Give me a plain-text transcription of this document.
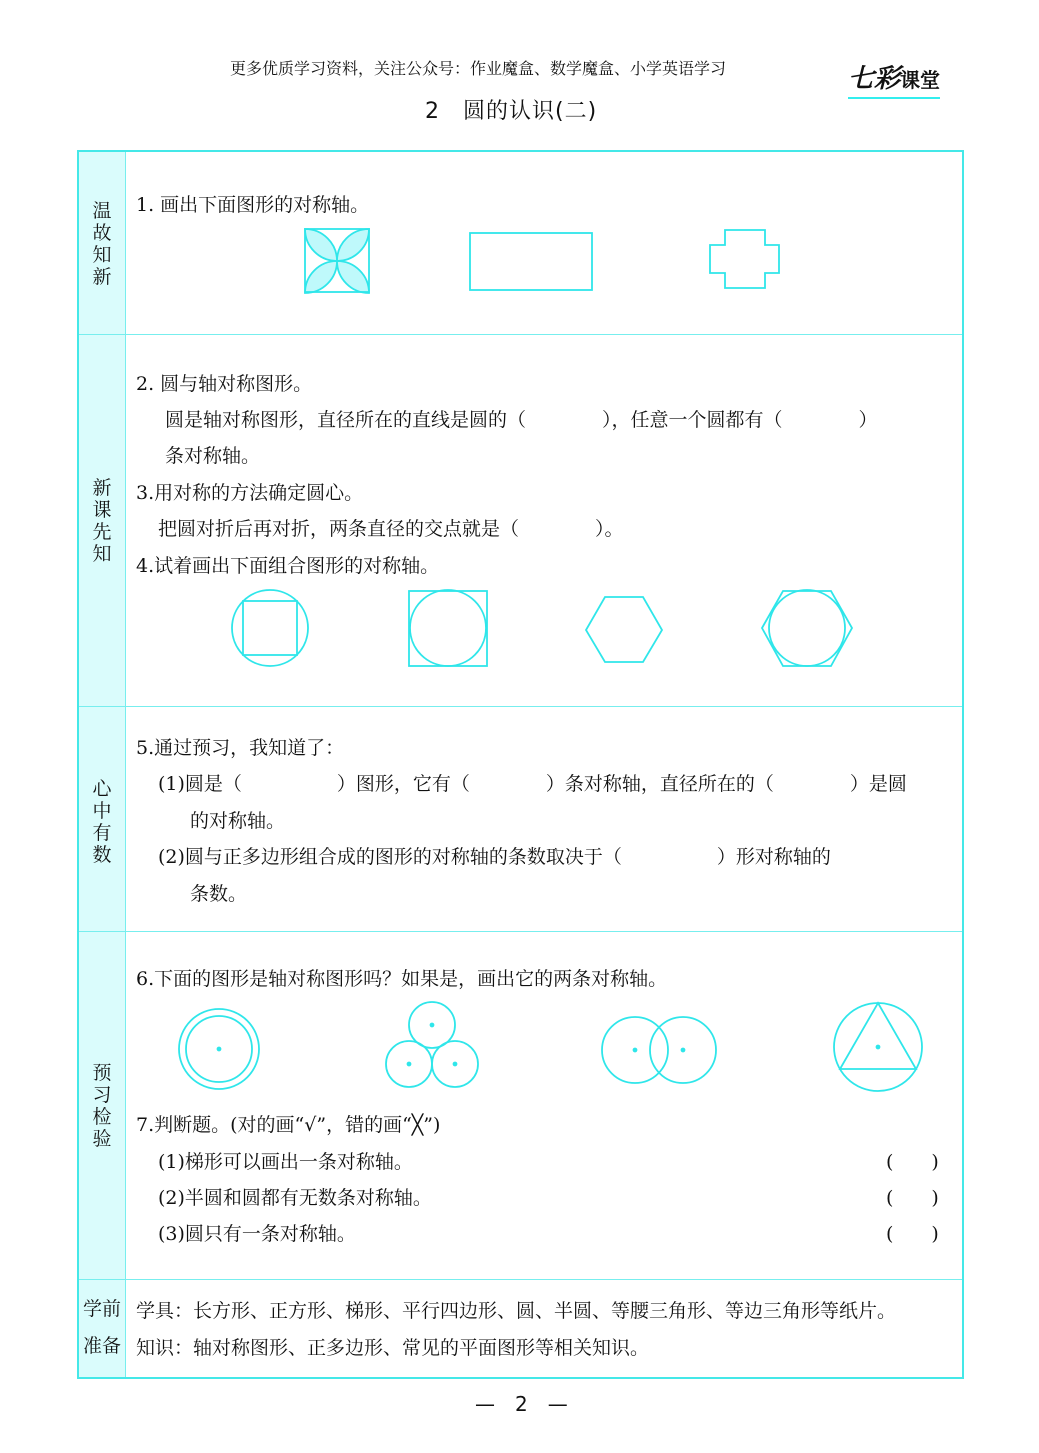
更多优质学习资料，关注公众号：作业魔盒、数学魔盒、小学英语学习	七彩课堂
2　圆的认识(二)
温故知新
新课先知
心中有数
预习检验
学前
准备
1. 画出下面图形的对称轴。
2. 圆与轴对称图形。
圆是轴对称图形，直径所在的直线是圆的（　　　　），任意一个圆都有（　　　　）
条对称轴。
3.用对称的方法确定圆心。
把圆对折后再对折，两条直径的交点就是（　　　　）。
4.试着画出下面组合图形的对称轴。
5.通过预习，我知道了：
(1)圆是（　　　　　）图形，它有（　　　　）条对称轴，直径所在的（　　　　）是圆
的对称轴。
(2)圆与正多边形组合成的图形的对称轴的条数取决于（　　　　　）形对称轴的
条数。
6.下面的图形是轴对称图形吗？如果是，画出它的两条对称轴。
7.判断题。(对的画“√”，错的画“╳”)
(1)梯形可以画出一条对称轴。
(2)半圆和圆都有无数条对称轴。
(3)圆只有一条对称轴。
(　　)
(　　)
(　　)
学具：长方形、正方形、梯形、平行四边形、圆、半圆、等腰三角形、等边三角形等纸片。
知识：轴对称图形、正多边形、常见的平面图形等相关知识。
—　2　—
